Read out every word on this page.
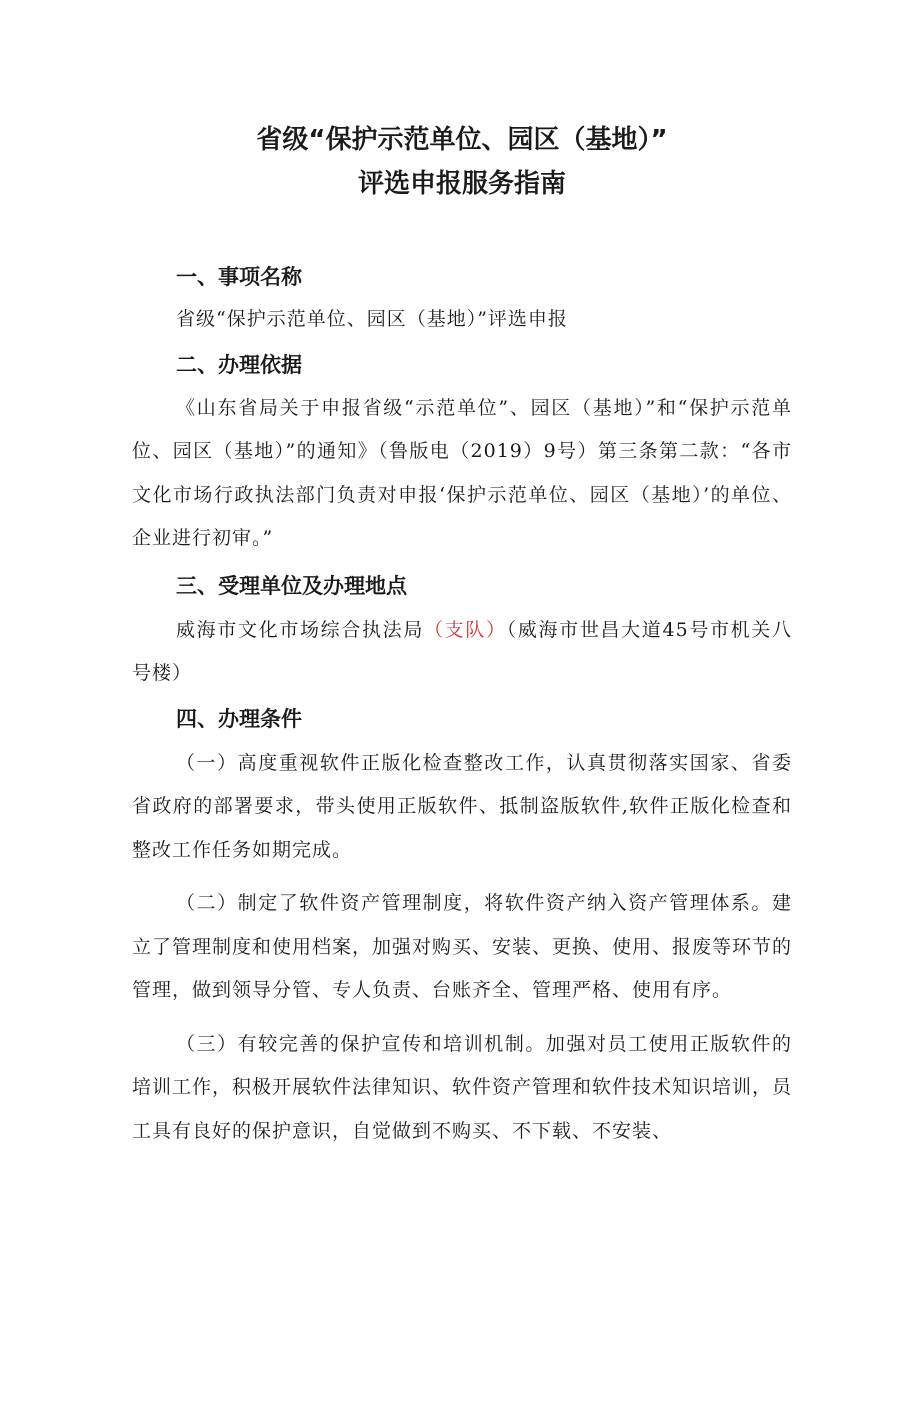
省级“保护示范单位、园区（基地）”
评选申报服务指南

一、事项名称

省级“保护示范单位、园区（基地）”评选申报

二、办理依据

《山东省局关于申报省级“示范单位”、园区（基地）”和“保护示范单位、园区（基地）”的通知》（鲁版电（2019）9号）第三条第二款：“各市文化市场行政执法部门负责对申报‘保护示范单位、园区（基地）’的单位、企业进行初审。”

三、受理单位及办理地点

威海市文化市场综合执法局（支队）（威海市世昌大道45号市机关八号楼）

四、办理条件

（一）高度重视软件正版化检查整改工作，认真贯彻落实国家、省委省政府的部署要求，带头使用正版软件、抵制盗版软件,软件正版化检查和整改工作任务如期完成。

（二）制定了软件资产管理制度，将软件资产纳入资产管理体系。建立了管理制度和使用档案，加强对购买、安装、更换、使用、报废等环节的管理，做到领导分管、专人负责、台账齐全、管理严格、使用有序。

（三）有较完善的保护宣传和培训机制。加强对员工使用正版软件的培训工作，积极开展软件法律知识、软件资产管理和软件技术知识培训，员工具有良好的保护意识，自觉做到不购买、不下载、不安装、
